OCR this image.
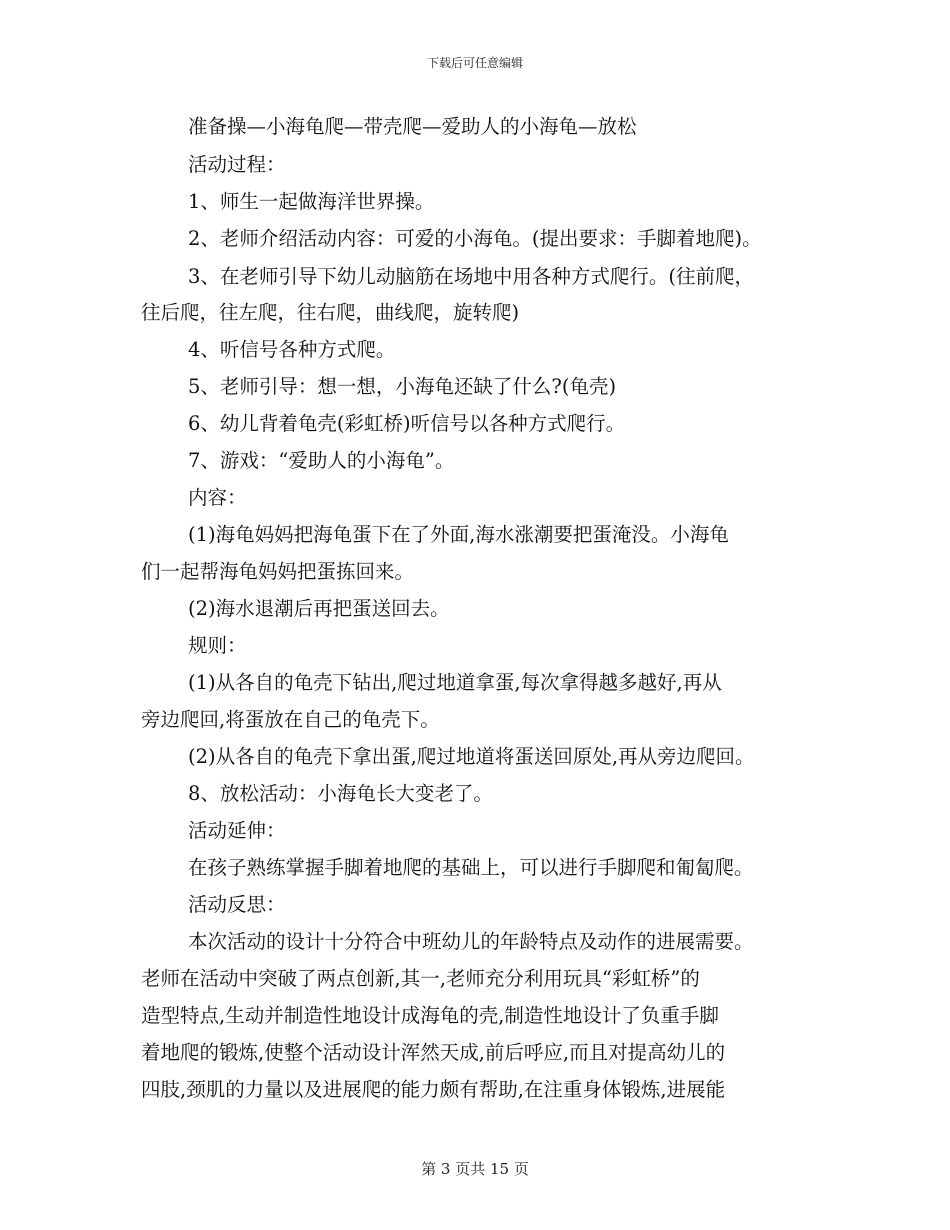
下载后可任意编辑
准备操—小海龟爬—带壳爬—爱助人的小海龟—放松
活动过程：
1、师生一起做海洋世界操。
2、老师介绍活动内容：可爱的小海龟。(提出要求：手脚着地爬)。
3、在老师引导下幼儿动脑筋在场地中用各种方式爬行。(往前爬，
往后爬，往左爬，往右爬，曲线爬，旋转爬)
4、听信号各种方式爬。
5、老师引导：想一想，小海龟还缺了什么?(龟壳)
6、幼儿背着龟壳(彩虹桥)听信号以各种方式爬行。
7、游戏：“爱助人的小海龟”。
内容：
(1)海龟妈妈把海龟蛋下在了外面,海水涨潮要把蛋淹没。小海龟
们一起帮海龟妈妈把蛋拣回来。
(2)海水退潮后再把蛋送回去。
规则：
(1)从各自的龟壳下钻出,爬过地道拿蛋,每次拿得越多越好,再从
旁边爬回,将蛋放在自己的龟壳下。
(2)从各自的龟壳下拿出蛋,爬过地道将蛋送回原处,再从旁边爬回。
8、放松活动：小海龟长大变老了。
活动延伸：
在孩子熟练掌握手脚着地爬的基础上，可以进行手脚爬和匍匐爬。
活动反思：
本次活动的设计十分符合中班幼儿的年龄特点及动作的进展需要。
老师在活动中突破了两点创新,其一,老师充分利用玩具“彩虹桥”的
造型特点,生动并制造性地设计成海龟的壳,制造性地设计了负重手脚
着地爬的锻炼,使整个活动设计浑然天成,前后呼应,而且对提高幼儿的
四肢,颈肌的力量以及进展爬的能力颇有帮助,在注重身体锻炼,进展能
第 3 页共 15 页
